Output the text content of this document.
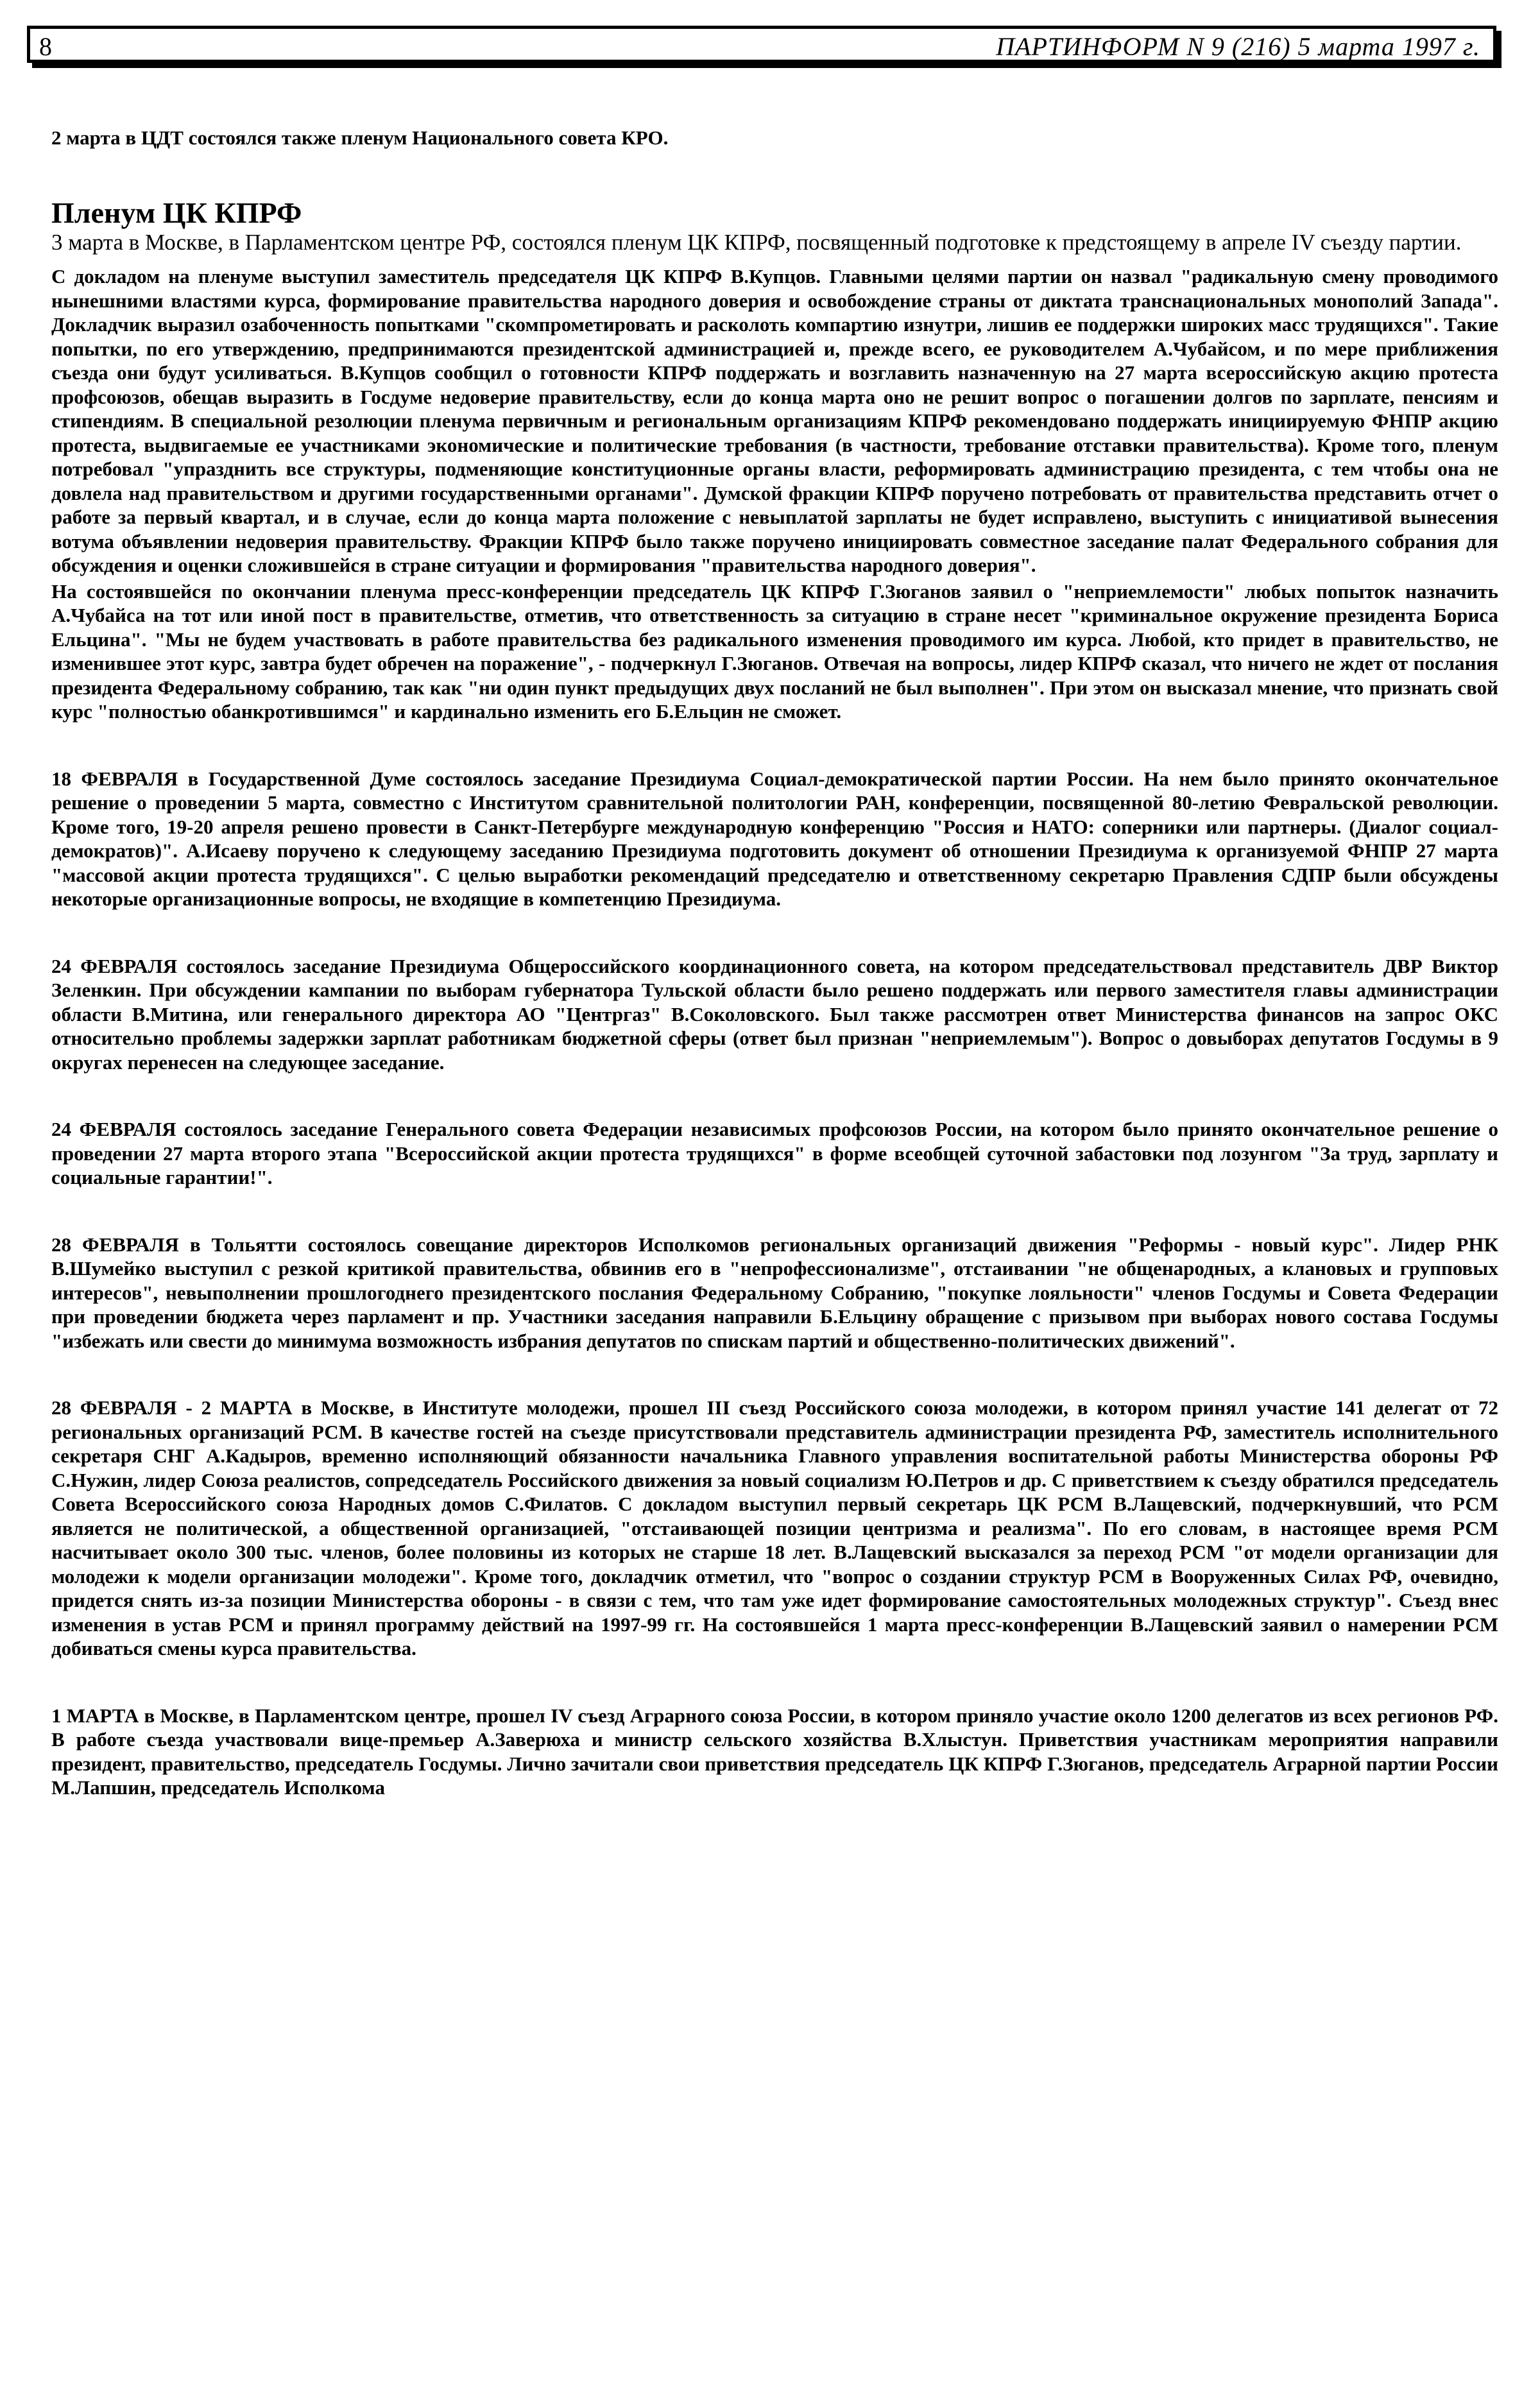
8	ПАРТИНФОРМ N 9 (216) 5 марта 1997 г.

2 марта в ЦДТ состоялся также пленум Национального совета КРО.

Пленум ЦК КПРФ

3 марта в Москве, в Парламентском центре РФ, состоялся пленум ЦК КПРФ, посвященный подготовке к предстоящему в апреле IV съезду партии.

С докладом на пленуме выступил заместитель председателя ЦК КПРФ В.Купцов. Главными целями партии он назвал "радикальную смену проводимого нынешними властями курса, формирование правительства народного доверия и освобождение страны от диктата транснациональных монополий Запада". Докладчик выразил озабоченность попытками "скомпрометировать и расколоть компартию изнутри, лишив ее поддержки широких масс трудящихся". Такие попытки, по его утверждению, предпринимаются президентской администрацией и, прежде всего, ее руководителем А.Чубайсом, и по мере приближения съезда они будут усиливаться. В.Купцов сообщил о готовности КПРФ поддержать и возглавить назначенную на 27 марта всероссийскую акцию протеста профсоюзов, обещав выразить в Госдуме недоверие правительству, если до конца марта оно не решит вопрос о погашении долгов по зарплате, пенсиям и стипендиям. В специальной резолюции пленума первичным и региональным организациям КПРФ рекомендовано поддержать инициируемую ФНПР акцию протеста, выдвигаемые ее участниками экономические и политические требования (в частности, требование отставки правительства). Кроме того, пленум потребовал "упразднить все структуры, подменяющие конституционные органы власти, реформировать администрацию президента, с тем чтобы она не довлела над правительством и другими государственными органами". Думской фракции КПРФ поручено потребовать от правительства представить отчет о работе за первый квартал, и в случае, если до конца марта положение с невыплатой зарплаты не будет исправлено, выступить с инициативой вынесения вотума объявлении недоверия правительству. Фракции КПРФ было также поручено инициировать совместное заседание палат Федерального собрания для обсуждения и оценки сложившейся в стране ситуации и формирования "правительства народного доверия".

На состоявшейся по окончании пленума пресс-конференции председатель ЦК КПРФ Г.Зюганов заявил о "неприемлемости" любых попыток назначить А.Чубайса на тот или иной пост в правительстве, отметив, что ответственность за ситуацию в стране несет "криминальное окружение президента Бориса Ельцина". "Мы не будем участвовать в работе правительства без радикального изменения проводимого им курса. Любой, кто придет в правительство, не изменившее этот курс, завтра будет обречен на поражение", - подчеркнул Г.Зюганов. Отвечая на вопросы, лидер КПРФ сказал, что ничего не ждет от послания президента Федеральному собранию, так как "ни один пункт предыдущих двух посланий не был выполнен". При этом он высказал мнение, что признать свой курс "полностью обанкротившимся" и кардинально изменить его Б.Ельцин не сможет.

18 ФЕВРАЛЯ в Государственной Думе состоялось заседание Президиума Социал-демократической партии России. На нем было принято окончательное решение о проведении 5 марта, совместно с Институтом сравнительной политологии РАН, конференции, посвященной 80-летию Февральской революции. Кроме того, 19-20 апреля решено провести в Санкт-Петербурге международную конференцию "Россия и НАТО: соперники или партнеры. (Диалог социал-демократов)". А.Исаеву поручено к следующему заседанию Президиума подготовить документ об отношении Президиума к организуемой ФНПР 27 марта "массовой акции протеста трудящихся". С целью выработки рекомендаций председателю и ответственному секретарю Правления СДПР были обсуждены некоторые организационные вопросы, не входящие в компетенцию Президиума.

24 ФЕВРАЛЯ состоялось заседание Президиума Общероссийского координационного совета, на котором председательствовал представитель ДВР Виктор Зеленкин. При обсуждении кампании по выборам губернатора Тульской области было решено поддержать или первого заместителя главы администрации области В.Митина, или генерального директора АО "Центргаз" В.Соколовского. Был также рассмотрен ответ Министерства финансов на запрос ОКС относительно проблемы задержки зарплат работникам бюджетной сферы (ответ был признан "неприемлемым"). Вопрос о довыборах депутатов Госдумы в 9 округах перенесен на следующее заседание.

24 ФЕВРАЛЯ состоялось заседание Генерального совета Федерации независимых профсоюзов России, на котором было принято окончательное решение о проведении 27 марта второго этапа "Всероссийской акции протеста трудящихся" в форме всеобщей суточной забастовки под лозунгом "За труд, зарплату и социальные гарантии!".

28 ФЕВРАЛЯ в Тольятти состоялось совещание директоров Исполкомов региональных организаций движения "Реформы - новый курс". Лидер РНК В.Шумейко выступил с резкой критикой правительства, обвинив его в "непрофессионализме", отстаивании "не общенародных, а клановых и групповых интересов", невыполнении прошлогоднего президентского послания Федеральному Собранию, "покупке лояльности" членов Госдумы и Совета Федерации при проведении бюджета через парламент и пр. Участники заседания направили Б.Ельцину обращение с призывом при выборах нового состава Госдумы "избежать или свести до минимума возможность избрания депутатов по спискам партий и общественно-политических движений".

28 ФЕВРАЛЯ - 2 МАРТА в Москве, в Институте молодежи, прошел III съезд Российского союза молодежи, в котором принял участие 141 делегат от 72 региональных организаций РСМ. В качестве гостей на съезде присутствовали представитель администрации президента РФ, заместитель исполнительного секретаря СНГ А.Кадыров, временно исполняющий обязанности начальника Главного управления воспитательной работы Министерства обороны РФ С.Нужин, лидер Союза реалистов, сопредседатель Российского движения за новый социализм Ю.Петров и др. С приветствием к съезду обратился председатель Совета Всероссийского союза Народных домов С.Филатов. С докладом выступил первый секретарь ЦК РСМ В.Лащевский, подчеркнувший, что РСМ является не политической, а общественной организацией, "отстаивающей позиции центризма и реализма". По его словам, в настоящее время РСМ насчитывает около 300 тыс. членов, более половины из которых не старше 18 лет. В.Лащевский высказался за переход РСМ "от модели организации для молодежи к модели организации молодежи". Кроме того, докладчик отметил, что "вопрос о создании структур РСМ в Вооруженных Силах РФ, очевидно, придется снять из-за позиции Министерства обороны - в связи с тем, что там уже идет формирование самостоятельных молодежных структур". Съезд внес изменения в устав РСМ и принял программу действий на 1997-99 гг. На состоявшейся 1 марта пресс-конференции В.Лащевский заявил о намерении РСМ добиваться смены курса правительства.

1 МАРТА в Москве, в Парламентском центре, прошел IV съезд Аграрного союза России, в котором приняло участие около 1200 делегатов из всех регионов РФ. В работе съезда участвовали вице-премьер А.Заверюха и министр сельского хозяйства В.Хлыстун. Приветствия участникам мероприятия направили президент, правительство, председатель Госдумы. Лично зачитали свои приветствия председатель ЦК КПРФ Г.Зюганов, председатель Аграрной партии России М.Лапшин, председатель Исполкома
